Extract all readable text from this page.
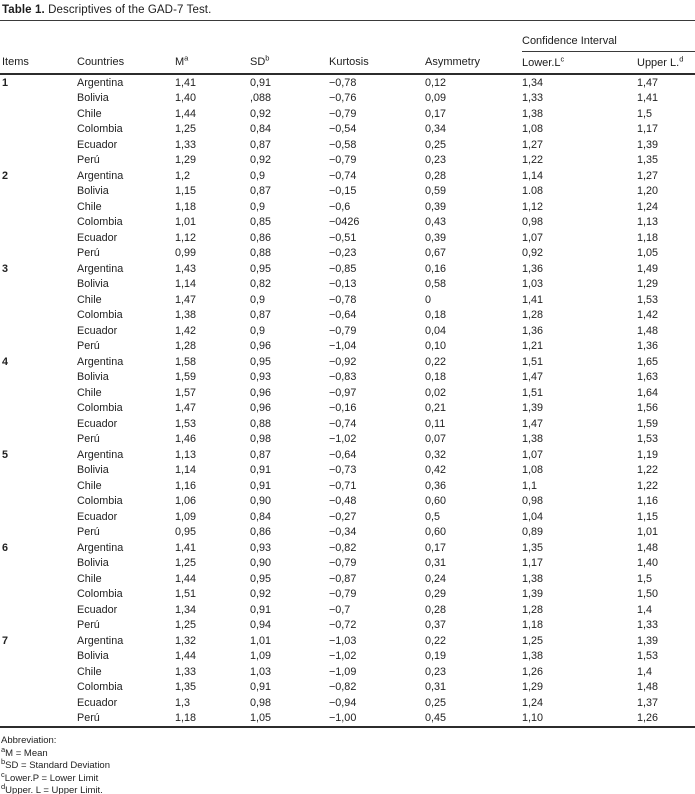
Table 1. Descriptives of the GAD-7 Test.
						Confidence Interval	
Items	Countries	$M^a$	$SD^b$	Kurtosis	Asymmetry	$Lower.L^c$	Upper L.$^d$
1	Argentina	1,41	0,91	−0,78	0,12	1,34	1,47
	Bolivia	1,40	,088	−0,76	0,09	1,33	1,41
	Chile	1,44	0,92	−0,79	0,17	1,38	1,5
	Colombia	1,25	0,84	−0,54	0,34	1,08	1,17
	Ecuador	1,33	0,87	−0,58	0,25	1,27	1,39
	Perú	1,29	0,92	−0,79	0,23	1,22	1,35
2	Argentina	1,2	0,9	−0,74	0,28	1,14	1,27
	Bolivia	1,15	0,87	−0,15	0,59	1.08	1,20
	Chile	1,18	0,9	−0,6	0,39	1,12	1,24
	Colombia	1,01	0,85	−0426	0,43	0,98	1,13
	Ecuador	1,12	0,86	−0,51	0,39	1,07	1,18
	Perú	0,99	0,88	−0,23	0,67	0,92	1,05
3	Argentina	1,43	0,95	−0,85	0,16	1,36	1,49
	Bolivia	1,14	0,82	−0,13	0,58	1,03	1,29
	Chile	1,47	0,9	−0,78	0	1,41	1,53
	Colombia	1,38	0,87	−0,64	0,18	1,28	1,42
	Ecuador	1,42	0,9	−0,79	0,04	1,36	1,48
	Perú	1,28	0,96	−1,04	0,10	1,21	1,36
4	Argentina	1,58	0,95	−0,92	0,22	1,51	1,65
	Bolivia	1,59	0,93	−0,83	0,18	1,47	1,63
	Chile	1,57	0,96	−0,97	0,02	1,51	1,64
	Colombia	1,47	0,96	−0,16	0,21	1,39	1,56
	Ecuador	1,53	0,88	−0,74	0,11	1,47	1,59
	Perú	1,46	0,98	−1,02	0,07	1,38	1,53
5	Argentina	1,13	0,87	−0,64	0,32	1,07	1,19
	Bolivia	1,14	0,91	−0,73	0,42	1,08	1,22
	Chile	1,16	0,91	−0,71	0,36	1,1	1,22
	Colombia	1,06	0,90	−0,48	0,60	0,98	1,16
	Ecuador	1,09	0,84	−0,27	0,5	1,04	1,15
	Perú	0,95	0,86	−0,34	0,60	0,89	1,01
6	Argentina	1,41	0,93	−0,82	0,17	1,35	1,48
	Bolivia	1,25	0,90	−0,79	0,31	1,17	1,40
	Chile	1,44	0,95	−0,87	0,24	1,38	1,5
	Colombia	1,51	0,92	−0,79	0,29	1,39	1,50
	Ecuador	1,34	0,91	−0,7	0,28	1,28	1,4
	Perú	1,25	0,94	−0,72	0,37	1,18	1,33
7	Argentina	1,32	1,01	−1,03	0,22	1,25	1,39
	Bolivia	1,44	1,09	−1,02	0,19	1,38	1,53
	Chile	1,33	1,03	−1,09	0,23	1,26	1,4
	Colombia	1,35	0,91	−0,82	0,31	1,29	1,48
	Ecuador	1,3	0,98	−0,94	0,25	1,24	1,37
	Perú	1,18	1,05	−1,00	0,45	1,10	1,26
Abbreviation:
$^a$M = Mean
$^b$SD = Standard Deviation
$^c$Lower.P = Lower Limit
$^d$Upper. L = Upper Limit.
